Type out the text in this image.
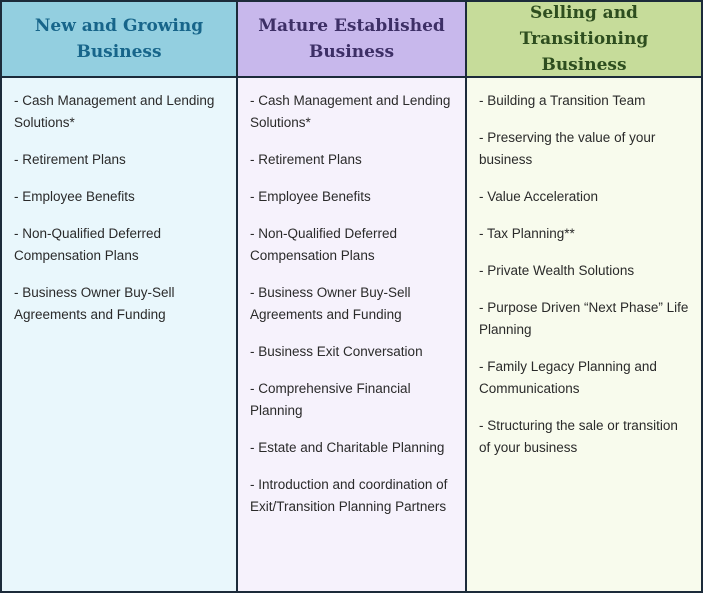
New and Growing
Business
- Cash Management and Lending Solutions*
- Retirement Plans
- Employee Benefits
- Non-Qualified Deferred Compensation Plans
- Business Owner Buy-Sell Agreements and Funding
Mature Established
Business
- Cash Management and Lending Solutions*
- Retirement Plans
- Employee Benefits
- Non-Qualified Deferred Compensation Plans
- Business Owner Buy-Sell Agreements and Funding
- Business Exit Conversation
- Comprehensive Financial Planning
- Estate and Charitable Planning
- Introduction and coordination of Exit/Transition Planning Partners
Selling and
Transitioning Business
- Building a Transition Team
- Preserving the value of your business
- Value Acceleration
- Tax Planning**
- Private Wealth Solutions
- Purpose Driven “Next Phase” Life Planning
- Family Legacy Planning and Communications
- Structuring the sale or transition of your business
